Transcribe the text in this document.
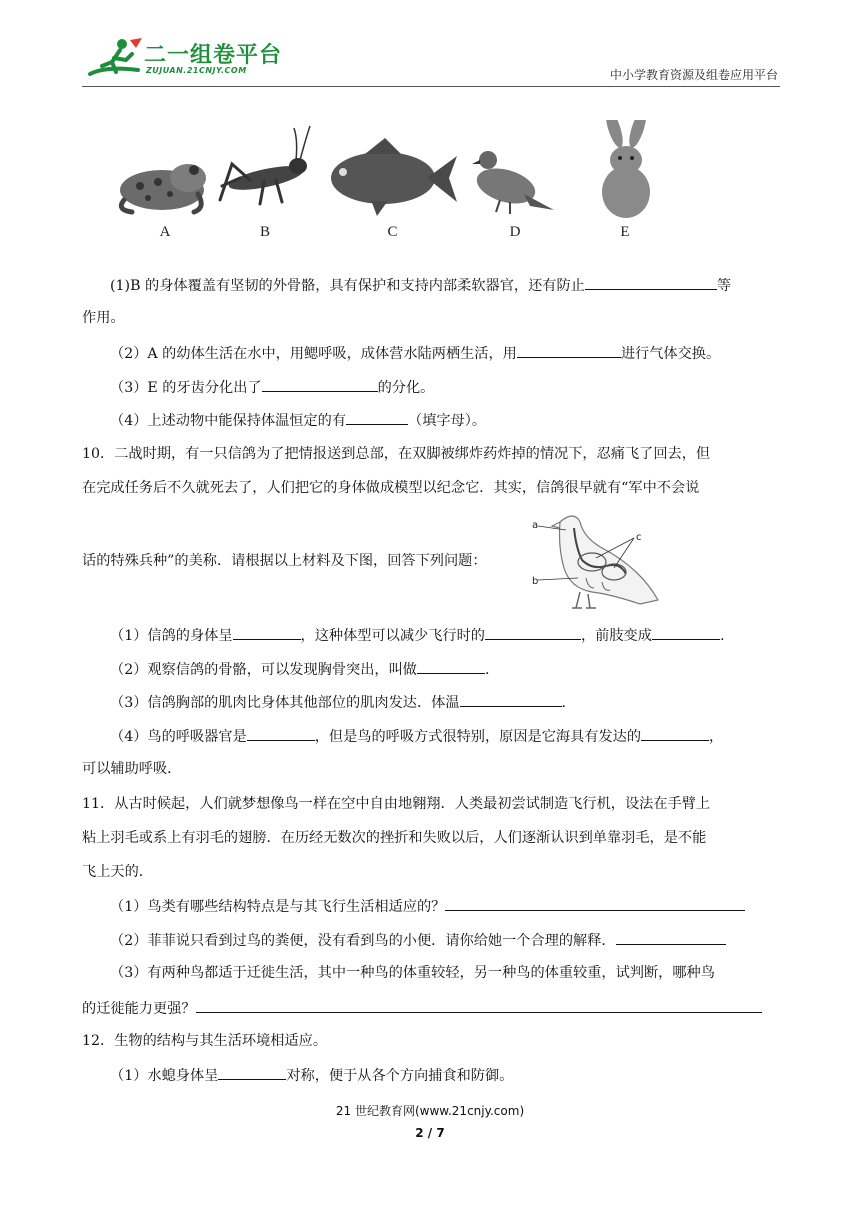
二一组卷平台
ZUJUAN.21CNJY.COM	中小学教育资源及组卷应用平台
A	B	C	D	E
(1)B 的身体覆盖有坚韧的外骨骼，具有保护和支持内部柔软器官，还有防止	等
作用。
（2）A 的幼体生活在水中，用鳃呼吸，成体营水陆两栖生活，用	进行气体交换。
（3）E 的牙齿分化出了	的分化。
（4）上述动物中能保持体温恒定的有	（填字母）。
10．二战时期，有一只信鸽为了把情报送到总部，在双脚被绑炸药炸掉的情况下，忍痛飞了回去，但
在完成任务后不久就死去了，人们把它的身体做成模型以纪念它．其实，信鸽很早就有“军中不会说
话的特殊兵种”的美称．请根据以上材料及下图，回答下列问题：
a
b
c
（1）信鸽的身体呈	，这种体型可以减少飞行时的	，前肢变成	.
（2）观察信鸽的骨骼，可以发现胸骨突出，叫做	.
（3）信鸽胸部的肌肉比身体其他部位的肌肉发达．体温	.
（4）鸟的呼吸器官是	，但是鸟的呼吸方式很特别，原因是它海具有发达的	，
可以辅助呼吸．
11．从古时候起，人们就梦想像鸟一样在空中自由地翱翔．人类最初尝试制造飞行机，设法在手臂上
粘上羽毛或系上有羽毛的翅膀．在历经无数次的挫折和失败以后，人们逐渐认识到单靠羽毛，是不能
飞上天的．
（1）鸟类有哪些结构特点是与其飞行生活相适应的？
（2）菲菲说只看到过鸟的粪便，没有看到鸟的小便．请你给她一个合理的解释．
（3）有两种鸟都适于迁徙生活，其中一种鸟的体重较轻，另一种鸟的体重较重，试判断，哪种鸟
的迁徙能力更强？
12．生物的结构与其生活环境相适应。
（1）水螅身体呈	对称，便于从各个方向捕食和防御。
21 世纪教育网(www.21cnjy.com)
2 / 7
